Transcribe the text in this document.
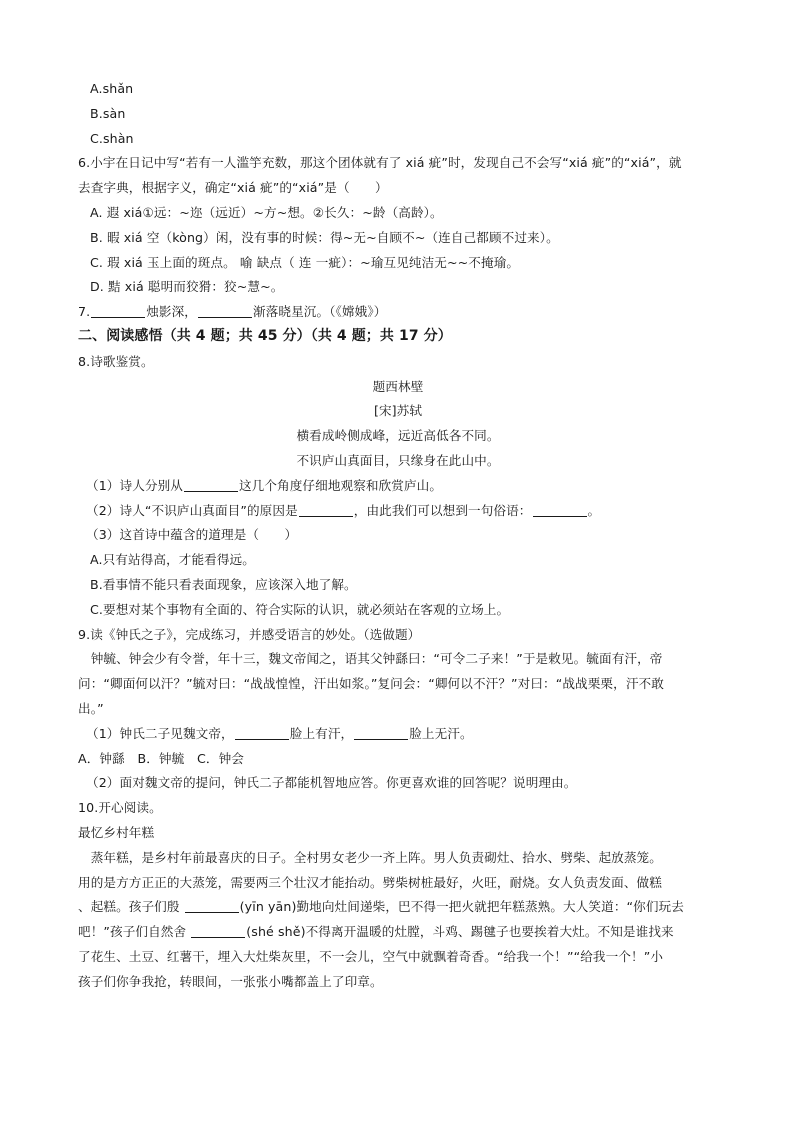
A.shǎn
B.sàn
C.shàn
6.小宇在日记中写“若有一人滥竽充数，那这个团体就有了 xiá 疵”时，发现自己不会写“xiá 疵”的“xiá”，就
去查字典，根据字义，确定“xiá 疵”的“xiá”是（　　）
A. 遐 xiá①远：~迩（远近）~方~想。②长久：~龄（高龄）。
B. 暇 xiá 空（kòng）闲，没有事的时候：得~无~自顾不~（连自己都顾不过来）。
C. 瑕 xiá 玉上面的斑点。 喻 缺点（ 连 一疵）：~瑜互见纯洁无~~不掩瑜。
D. 黠 xiá 聪明而狡猾：狡~慧~。
7.	烛影深，	渐落晓星沉。（《嫦娥》）
二、阅读感悟（共 4 题；共 45 分）（共 4 题；共 17 分）
8.诗歌鉴赏。
题西林壁
[宋]苏轼
横看成岭侧成峰，远近高低各不同。
不识庐山真面目，只缘身在此山中。
（1）诗人分别从	这几个角度仔细地观察和欣赏庐山。
（2）诗人“不识庐山真面目”的原因是	，由此我们可以想到一句俗语：	。
（3）这首诗中蕴含的道理是（　　）
A.只有站得高，才能看得远。
B.看事情不能只看表面现象，应该深入地了解。
C.要想对某个事物有全面的、符合实际的认识，就必须站在客观的立场上。
9.读《钟氏之子》，完成练习，并感受语言的妙处。（选做题）
　钟毓、钟会少有令誉，年十三，魏文帝闻之，语其父钟繇曰：“可令二子来！”于是敕见。毓面有汗，帝
问：“卿面何以汗？”毓对曰：“战战惶惶，汗出如浆。”复问会：“卿何以不汗？”对曰：“战战栗栗，汗不敢
出。”
（1）钟氏二子见魏文帝，	脸上有汗，	脸上无汗。
A．钟繇　B．钟毓　C．钟会
（2）面对魏文帝的提问，钟氏二子都能机智地应答。你更喜欢谁的回答呢？说明理由。
10.开心阅读。
最忆乡村年糕
　蒸年糕，是乡村年前最喜庆的日子。全村男女老少一齐上阵。男人负责砌灶、拾水、劈柴、起放蒸笼。
用的是方方正正的大蒸笼，需要两三个壮汉才能抬动。劈柴树桩最好，火旺，耐烧。女人负责发面、做糕
、起糕。孩子们殷	(yīn yān)勤地向灶间递柴，巴不得一把火就把年糕蒸熟。大人笑道：“你们玩去
吧！”孩子们自然舍	(shé shě)不得离开温暖的灶膛，斗鸡、踢毽子也要挨着大灶。不知是谁找来
了花生、土豆、红薯干，埋入大灶柴灰里，不一会儿，空气中就飘着奇香。“给我一个！”“给我一个！”小
孩子们你争我抢，转眼间，一张张小嘴都盖上了印章。
